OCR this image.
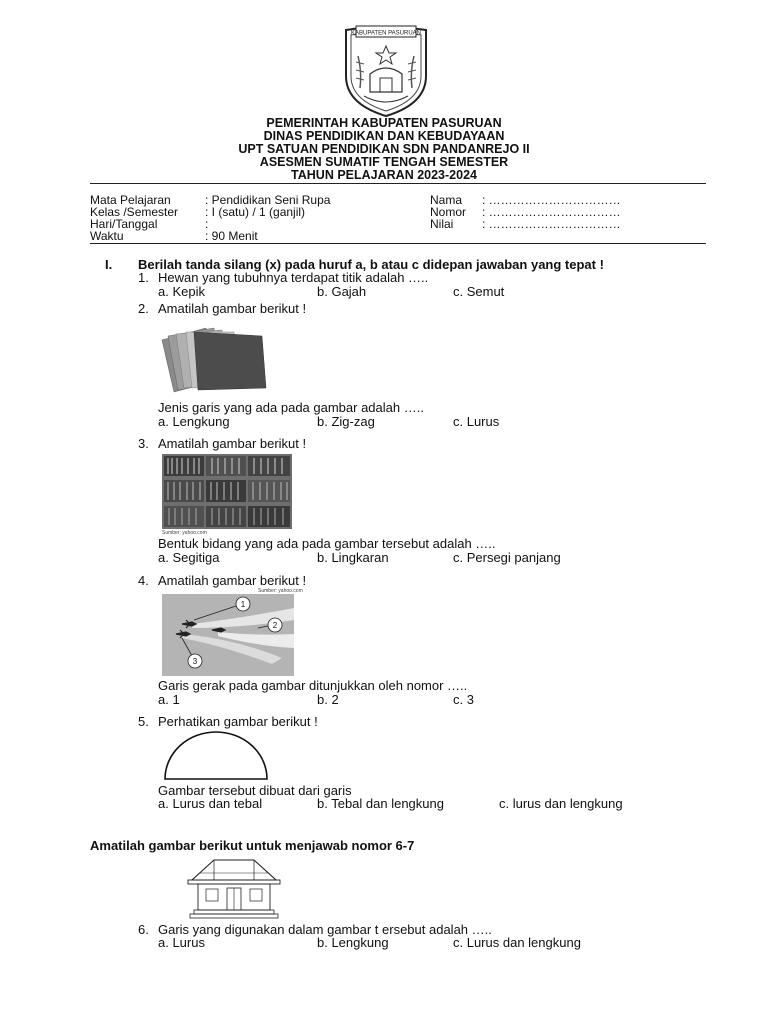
KABUPATEN PASURUAN
PEMERINTAH KABUPATEN PASURUAN
DINAS PENDIDIKAN DAN KEBUDAYAAN
UPT SATUAN PENDIDIKAN SDN PANDANREJO II
ASESMEN SUMATIF TENGAH SEMESTER
TAHUN PELAJARAN 2023-2024
Mata Pelajaran	: Pendidikan Seni Rupa
Kelas /Semester : I (satu) / 1 (ganjil)
Hari/Tanggal	:
Waktu	: 90 Menit
Nama : ……………………………
Nomor : ……………………………
Nilai : ……………………………
I. Berilah tanda silang (x) pada huruf a, b atau c didepan jawaban yang tepat !
1. Hewan yang tubuhnya terdapat titik adalah …..
a. Kepik	b. Gajah	c. Semut
2. Amatilah gambar berikut !
Jenis garis yang ada pada gambar adalah …..
a. Lengkung	b. Zig-zag	c. Lurus
3. Amatilah gambar berikut !
Sumber: yahoo.com
Bentuk bidang yang ada pada gambar tersebut adalah …..
a. Segitiga	b. Lingkaran	c. Persegi panjang
4. Amatilah gambar berikut !
Sumber: yahoo.com
1
2
3
Garis gerak pada gambar ditunjukkan oleh nomor …..
a. 1	b. 2	c. 3
5. Perhatikan gambar berikut !
Gambar tersebut dibuat dari garis
a. Lurus dan tebal	b. Tebal dan lengkung	c. lurus dan lengkung
Amatilah gambar berikut untuk menjawab nomor 6-7
6. Garis yang digunakan dalam gambar t ersebut adalah …..
a. Lurus	b. Lengkung	c. Lurus dan lengkung
